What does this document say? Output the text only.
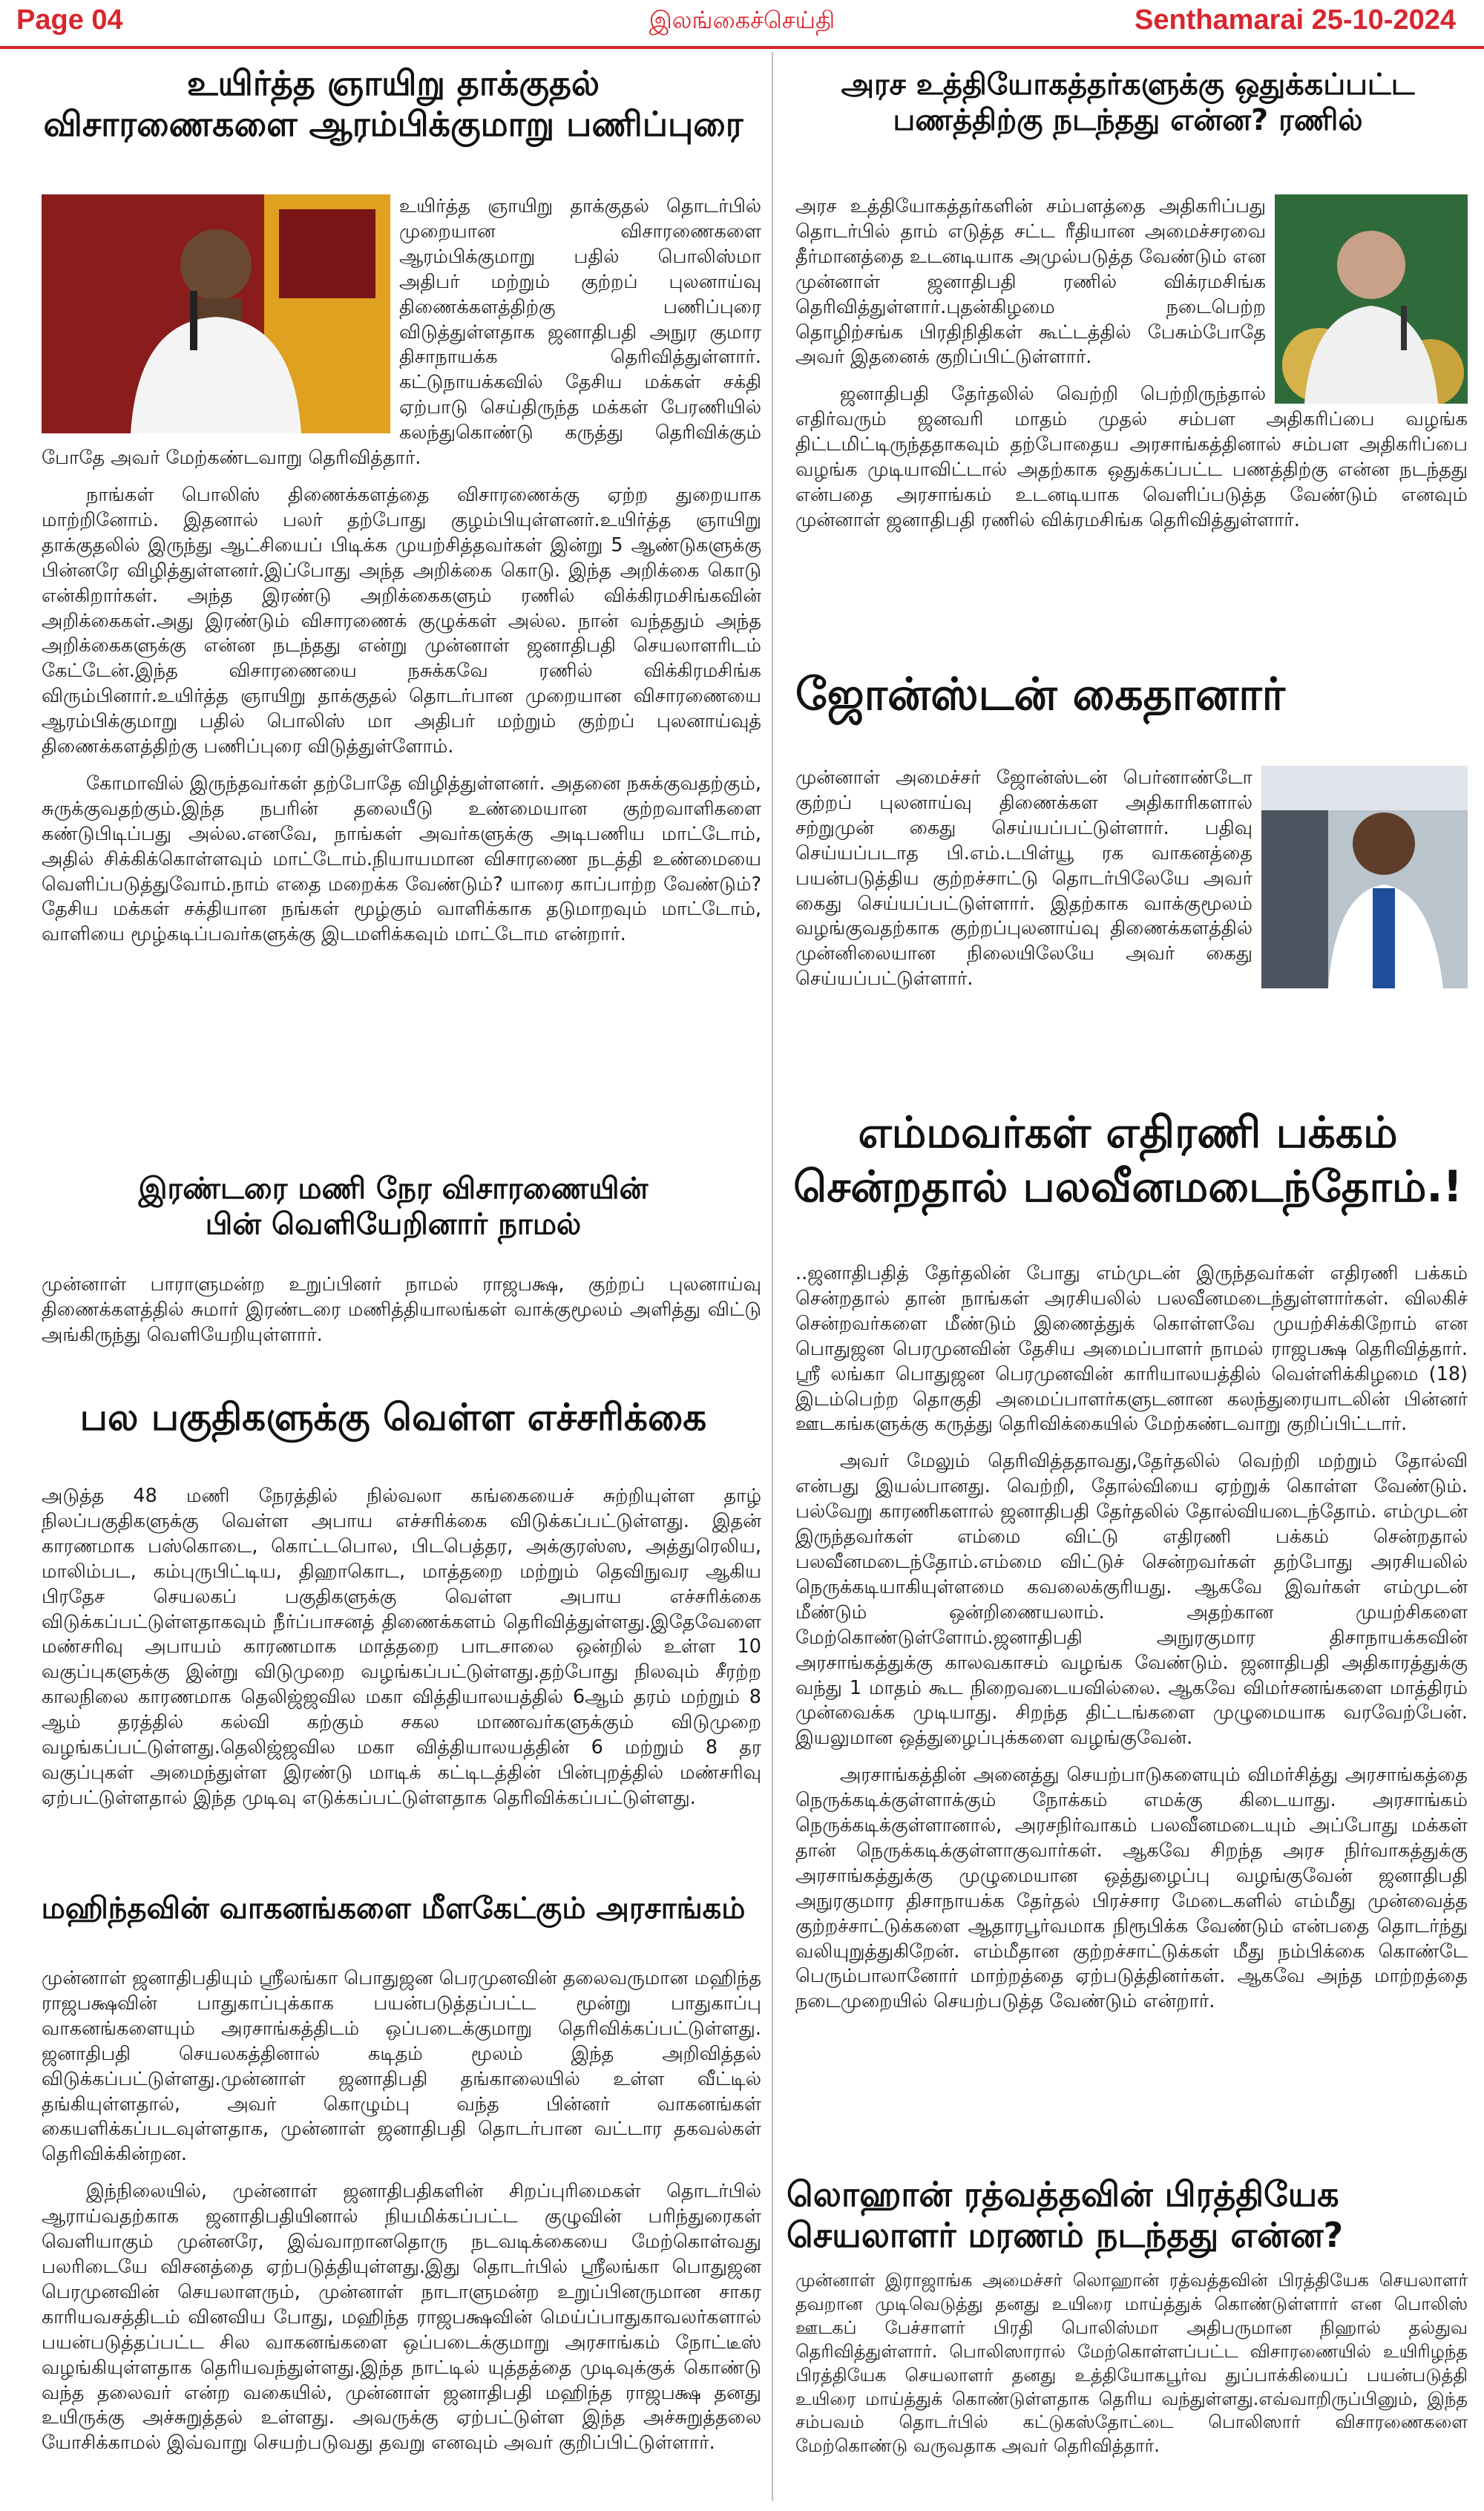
Page 04	இலங்கைச்செய்தி	Senthamarai 25-10-2024
உயிர்த்த ஞாயிறு தாக்குதல்
விசாரணைகளை ஆரம்பிக்குமாறு பணிப்புரை

உயிர்த்த ஞாயிறு தாக்குதல் தொடர்பில் முறையான விசாரணைகளை ஆரம்பிக்குமாறு பதில் பொலிஸ்மா அதிபர் மற்றும் குற்றப் புலனாய்வு திணைக்களத்திற்கு பணிப்புரை விடுத்துள்ளதாக ஜனாதிபதி அநுர குமார திசாநாயக்க தெரிவித்துள்ளார். கட்டுநாயக்கவில் தேசிய மக்கள் சக்தி ஏற்பாடு செய்திருந்த மக்கள் பேரணியில் கலந்துகொண்டு கருத்து தெரிவிக்கும் போதே அவர் மேற்கண்டவாறு தெரிவித்தார்.

நாங்கள் பொலிஸ் திணைக்களத்தை விசாரணைக்கு ஏற்ற துறையாக மாற்றினோம். இதனால் பலர் தற்போது குழம்பியுள்ளனர்.உயிர்த்த ஞாயிறு தாக்குதலில் இருந்து ஆட்சியைப் பிடிக்க முயற்சித்தவர்கள் இன்று 5 ஆண்டுகளுக்கு பின்னரே விழித்துள்ளனர்.இப்போது அந்த அறிக்கை கொடு. இந்த அறிக்கை கொடு என்கிறார்கள். அந்த இரண்டு அறிக்கைகளும் ரணில் விக்கிரமசிங்கவின் அறிக்கைகள்.அது இரண்டும் விசாரணைக் குழுக்கள் அல்ல. நான் வந்ததும் அந்த அறிக்கைகளுக்கு என்ன நடந்தது என்று முன்னாள் ஜனாதிபதி செயலாளரிடம் கேட்டேன்.இந்த விசாரணையை நசுக்கவே ரணில் விக்கிரமசிங்க விரும்பினார்.உயிர்த்த ஞாயிறு தாக்குதல் தொடர்பான முறையான விசாரணையை ஆரம்பிக்குமாறு பதில் பொலிஸ் மா அதிபர் மற்றும் குற்றப் புலனாய்வுத் திணைக்களத்திற்கு பணிப்புரை விடுத்துள்ளோம்.

கோமாவில் இருந்தவர்கள் தற்போதே விழித்துள்ளனர். அதனை நசுக்குவதற்கும், சுருக்குவதற்கும்.இந்த நபரின் தலையீடு உண்மையான குற்றவாளிகளை கண்டுபிடிப்பது அல்ல.எனவே, நாங்கள் அவர்களுக்கு அடிபணிய மாட்டோம், அதில் சிக்கிக்கொள்ளவும் மாட்டோம்.நியாயமான விசாரணை நடத்தி உண்மையை வெளிப்படுத்துவோம்.நாம் எதை மறைக்க வேண்டும்? யாரை காப்பாற்ற வேண்டும்?தேசிய மக்கள் சக்தியான நங்கள் மூழ்கும் வாளிக்காக தடுமாறவும் மாட்டோம், வாளியை மூழ்கடிப்பவர்களுக்கு இடமளிக்கவும் மாட்டோம என்றார்.

இரண்டரை மணி நேர விசாரணையின்
பின் வெளியேறினார் நாமல்

முன்னாள் பாராளுமன்ற உறுப்பினர் நாமல் ராஜபக்ஷ, குற்றப் புலனாய்வு திணைக்களத்தில் சுமார் இரண்டரை மணித்தியாலங்கள் வாக்குமூலம் அளித்து விட்டு அங்கிருந்து வெளியேறியுள்ளார்.

பல பகுதிகளுக்கு வெள்ள எச்சரிக்கை

அடுத்த 48 மணி நேரத்தில் நில்வலா கங்கையைச் சுற்றியுள்ள தாழ் நிலப்பகுதிகளுக்கு வெள்ள அபாய எச்சரிக்கை விடுக்கப்பட்டுள்ளது. இதன் காரணமாக பஸ்கொடை, கொட்டபொல, பிடபெத்தர, அக்குரஸ்ஸ, அத்துரெலிய, மாலிம்பட, கம்புருபிட்டிய, திஹாகொட, மாத்தறை மற்றும் தெவிநுவர ஆகிய பிரதேச செயலகப் பகுதிகளுக்கு வெள்ள அபாய எச்சரிக்கை விடுக்கப்பட்டுள்ளதாகவும் நீர்ப்பாசனத் திணைக்களம் தெரிவித்துள்ளது.இதேவேளை மண்சரிவு அபாயம் காரணமாக மாத்தறை பாடசாலை ஒன்றில் உள்ள 10 வகுப்புகளுக்கு இன்று விடுமுறை வழங்கப்பட்டுள்ளது.தற்போது நிலவும் சீரற்ற காலநிலை காரணமாக தெலிஜ்ஜவில மகா வித்தியாலயத்தில் 6ஆம் தரம் மற்றும் 8 ஆம் தரத்தில் கல்வி கற்கும் சகல மாணவர்களுக்கும் விடுமுறை வழங்கப்பட்டுள்ளது.தெலிஜ்ஜவில மகா வித்தியாலயத்தின் 6 மற்றும் 8 தர வகுப்புகள் அமைந்துள்ள இரண்டு மாடிக் கட்டிடத்தின் பின்புறத்தில் மண்சரிவு ஏற்பட்டுள்ளதால் இந்த முடிவு எடுக்கப்பட்டுள்ளதாக தெரிவிக்கப்பட்டுள்ளது.

மஹிந்தவின் வாகனங்களை மீளகேட்கும் அரசாங்கம்

முன்னாள் ஜனாதிபதியும் ஸ்ரீலங்கா பொதுஜன பெரமுனவின் தலைவருமான மஹிந்த ராஜபக்ஷவின் பாதுகாப்புக்காக பயன்படுத்தப்பட்ட மூன்று பாதுகாப்பு வாகனங்களையும் அரசாங்கத்திடம் ஒப்படைக்குமாறு தெரிவிக்கப்பட்டுள்ளது. ஜனாதிபதி செயலகத்தினால் கடிதம் மூலம் இந்த அறிவித்தல் விடுக்கப்பட்டுள்ளது.முன்னாள் ஜனாதிபதி தங்காலையில் உள்ள வீட்டில் தங்கியுள்ளதால், அவர் கொழும்பு வந்த பின்னர் வாகனங்கள் கையளிக்கப்படவுள்ளதாக, முன்னாள் ஜனாதிபதி தொடர்பான வட்டார தகவல்கள் தெரிவிக்கின்றன.

இந்நிலையில், முன்னாள் ஜனாதிபதிகளின் சிறப்புரிமைகள் தொடர்பில் ஆராய்வதற்காக ஜனாதிபதியினால் நியமிக்கப்பட்ட குழுவின் பரிந்துரைகள் வெளியாகும் முன்னரே, இவ்வாறானதொரு நடவடிக்கையை மேற்கொள்வது பலரிடையே விசனத்தை ஏற்படுத்தியுள்ளது.இது தொடர்பில் ஸ்ரீலங்கா பொதுஜன பெரமுனவின் செயலாளரும், முன்னாள் நாடாளுமன்ற உறுப்பினருமான சாகர காரியவசத்திடம் வினவிய போது, மஹிந்த ராஜபக்ஷவின் மெய்ப்பாதுகாவலர்களால் பயன்படுத்தப்பட்ட சில வாகனங்களை ஒப்படைக்குமாறு அரசாங்கம் நோட்டீஸ் வழங்கியுள்ளதாக தெரியவந்துள்ளது.இந்த நாட்டில் யுத்தத்தை முடிவுக்குக் கொண்டு வந்த தலைவர் என்ற வகையில், முன்னாள் ஜனாதிபதி மஹிந்த ராஜபக்ஷ தனது உயிருக்கு அச்சுறுத்தல் உள்ளது. அவருக்கு ஏற்பட்டுள்ள இந்த அச்சுறுத்தலை யோசிக்காமல் இவ்வாறு செயற்படுவது தவறு எனவும் அவர் குறிப்பிட்டுள்ளார்.

அரச உத்தியோகத்தர்களுக்கு ஒதுக்கப்பட்ட
பணத்திற்கு நடந்தது என்ன? ரணில்

அரச உத்தியோகத்தர்களின் சம்பளத்தை அதிகரிப்பது தொடர்பில் தாம் எடுத்த சட்ட ரீதியான அமைச்சரவை தீர்மானத்தை உடனடியாக அமுல்படுத்த வேண்டும் என முன்னாள் ஜனாதிபதி ரணில் விக்ரமசிங்க தெரிவித்துள்ளார்.புதன்கிழமை நடைபெற்ற தொழிற்சங்க பிரதிநிதிகள் கூட்டத்தில் பேசும்போதே அவர் இதனைக் குறிப்பிட்டுள்ளார்.

ஜனாதிபதி தேர்தலில் வெற்றி பெற்றிருந்தால் எதிர்வரும் ஜனவரி மாதம் முதல் சம்பள அதிகரிப்பை வழங்க திட்டமிட்டிருந்ததாகவும் தற்போதைய அரசாங்கத்தினால் சம்பள அதிகரிப்பை வழங்க முடியாவிட்டால் அதற்காக ஒதுக்கப்பட்ட பணத்திற்கு என்ன நடந்தது என்பதை அரசாங்கம் உடனடியாக வெளிப்படுத்த வேண்டும் எனவும் முன்னாள் ஜனாதிபதி ரணில் விக்ரமசிங்க தெரிவித்துள்ளார்.

ஜோன்ஸ்டன் கைதானார்

முன்னாள் அமைச்சர் ஜோன்ஸ்டன் பெர்னாண்டோ குற்றப் புலனாய்வு திணைக்கள அதிகாரிகளால் சற்றுமுன் கைது செய்யப்பட்டுள்ளார். பதிவு செய்யப்படாத பி.எம்.டபிள்யூ ரக வாகனத்தை பயன்படுத்திய குற்றச்சாட்டு தொடர்பிலேயே அவர் கைது செய்யப்பட்டுள்ளார். இதற்காக வாக்குமூலம் வழங்குவதற்காக குற்றப்புலனாய்வு திணைக்களத்தில் முன்னிலையான நிலையிலேயே அவர் கைது செய்யப்பட்டுள்ளார்.

எம்மவர்கள் எதிரணி பக்கம்
சென்றதால் பலவீனமடைந்தோம்.!

..ஜனாதிபதித் தேர்தலின் போது எம்முடன் இருந்தவர்கள் எதிரணி பக்கம் சென்றதால் தான் நாங்கள் அரசியலில் பலவீனமடைந்துள்ளார்கள். விலகிச் சென்றவர்களை மீண்டும் இணைத்துக் கொள்ளவே முயற்சிக்கிறோம் என பொதுஜன பெரமுனவின் தேசிய அமைப்பாளர் நாமல் ராஜபக்ஷ தெரிவித்தார். ஸ்ரீ லங்கா பொதுஜன பெரமுனவின் காரியாலயத்தில் வெள்ளிக்கிழமை (18) இடம்பெற்ற தொகுதி அமைப்பாளர்களுடனான கலந்துரையாடலின் பின்னர் ஊடகங்களுக்கு கருத்து தெரிவிக்கையில் மேற்கண்டவாறு குறிப்பிட்டார்.

அவர் மேலும் தெரிவித்ததாவது,தேர்தலில் வெற்றி மற்றும் தோல்வி என்பது இயல்பானது. வெற்றி, தோல்வியை ஏற்றுக் கொள்ள வேண்டும். பல்வேறு காரணிகளால் ஜனாதிபதி தேர்தலில் தோல்வியடைந்தோம். எம்முடன் இருந்தவர்கள் எம்மை விட்டு எதிரணி பக்கம் சென்றதால் பலவீனமடைந்தோம்.எம்மை விட்டுச் சென்றவர்கள் தற்போது அரசியலில் நெருக்கடியாகியுள்ளமை கவலைக்குரியது. ஆகவே இவர்கள் எம்முடன் மீண்டும் ஒன்றிணையலாம். அதற்கான முயற்சிகளை மேற்கொண்டுள்ளோம்.ஜனாதிபதி அநுரகுமார திசாநாயக்கவின் அரசாங்கத்துக்கு காலவகாசம் வழங்க வேண்டும். ஜனாதிபதி அதிகாரத்துக்கு வந்து 1 மாதம் கூட நிறைவடையவில்லை. ஆகவே விமர்சனங்களை மாத்திரம் முன்வைக்க முடியாது. சிறந்த திட்டங்களை முழுமையாக வரவேற்பேன். இயலுமான ஒத்துழைப்புக்களை வழங்குவேன்.

அரசாங்கத்தின் அனைத்து செயற்பாடுகளையும் விமர்சித்து அரசாங்கத்தை நெருக்கடிக்குள்ளாக்கும் நோக்கம் எமக்கு கிடையாது. அரசாங்கம் நெருக்கடிக்குள்ளானால், அரசநிர்வாகம் பலவீனமடையும் அப்போது மக்கள் தான் நெருக்கடிக்குள்ளாகுவார்கள். ஆகவே சிறந்த அரச நிர்வாகத்துக்கு அரசாங்கத்துக்கு முழுமையான ஒத்துழைப்பு வழங்குவேன் ஜனாதிபதி அநுரகுமார திசாநாயக்க தேர்தல் பிரச்சார மேடைகளில் எம்மீது முன்வைத்த குற்றச்சாட்டுக்களை ஆதாரபூர்வமாக நிரூபிக்க வேண்டும் என்பதை தொடர்ந்து வலியுறுத்துகிறேன். எம்மீதான குற்றச்சாட்டுக்கள் மீது நம்பிக்கை கொண்டே பெரும்பாலானோர் மாற்றத்தை ஏற்படுத்தினர்கள். ஆகவே அந்த மாற்றத்தை நடைமுறையில் செயற்படுத்த வேண்டும் என்றார்.

லொஹான் ரத்வத்தவின் பிரத்தியேக
செயலாளர் மரணம் நடந்தது என்ன?

முன்னாள் இராஜாங்க அமைச்சர் லொஹான் ரத்வத்தவின் பிரத்தியேக செயலாளர் தவறான முடிவெடுத்து தனது உயிரை மாய்த்துக் கொண்டுள்ளார் என பொலிஸ் ஊடகப் பேச்சாளர் பிரதி பொலிஸ்மா அதிபருமான நிஹால் தல்துவ தெரிவித்துள்ளார். பொலிஸாரால் மேற்கொள்ளப்பட்ட விசாரணையில் உயிரிழந்த பிரத்தியேக செயலாளர் தனது உத்தியோகபூர்வ துப்பாக்கியைப் பயன்படுத்தி உயிரை மாய்த்துக் கொண்டுள்ளதாக தெரிய வந்துள்ளது.எவ்வாறிருப்பினும், இந்த சம்பவம் தொடர்பில் கட்டுகஸ்தோட்டை பொலிஸார் விசாரணைகளை மேற்கொண்டு வருவதாக அவர் தெரிவித்தார்.
